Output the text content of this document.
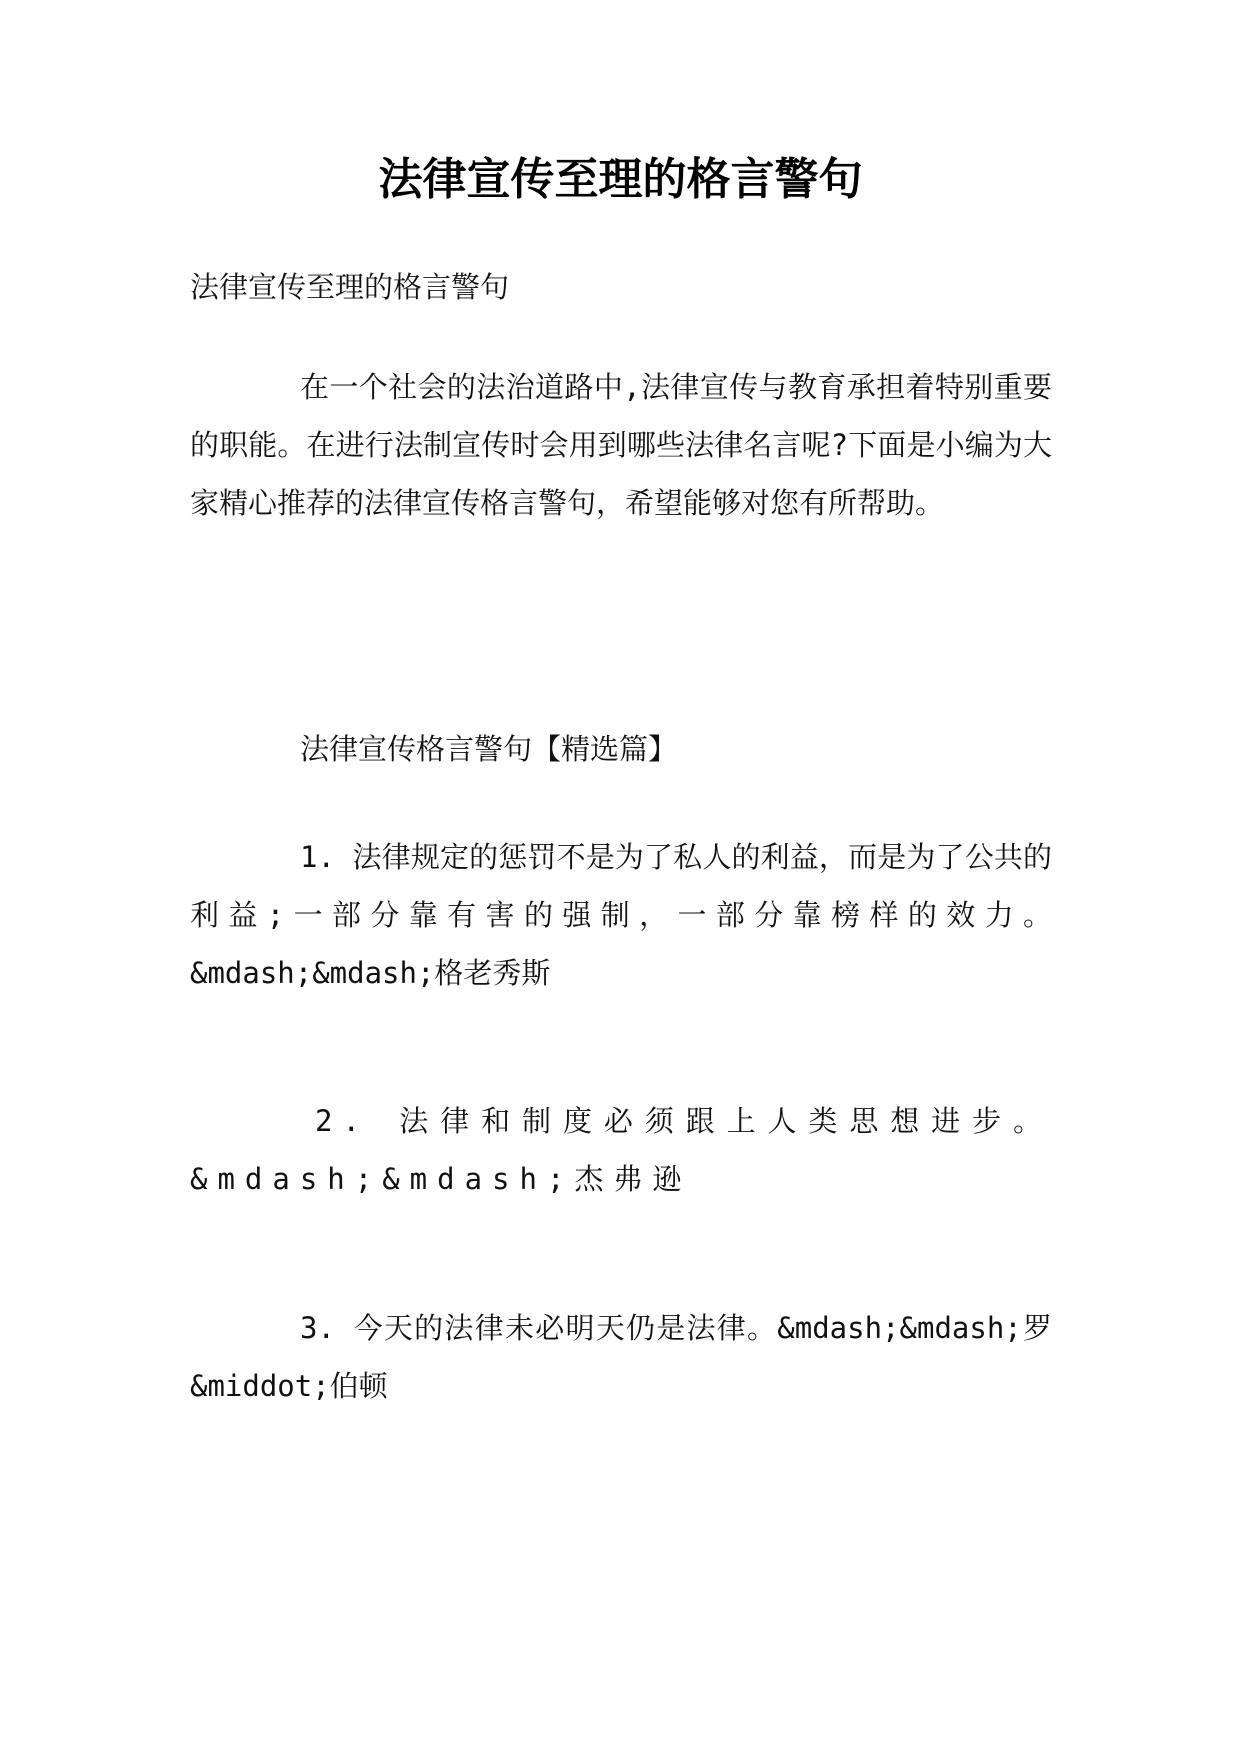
法律宣传至理的格言警句

法律宣传至理的格言警句

在一个社会的法治道路中,法律宣传与教育承担着特别重要的职能。在进行法制宣传时会用到哪些法律名言呢?下面是小编为大家精心推荐的法律宣传格言警句，希望能够对您有所帮助。

法律宣传格言警句【精选篇】

1. 法律规定的惩罚不是为了私人的利益，而是为了公共的利益;一部分靠有害的强制，一部分靠榜样的效力。&mdash;&mdash;格老秀斯

2. 法律和制度必须跟上人类思想进步。&mdash;&mdash;杰弗逊

3. 今天的法律未必明天仍是法律。&mdash;&mdash;罗&middot;伯顿
